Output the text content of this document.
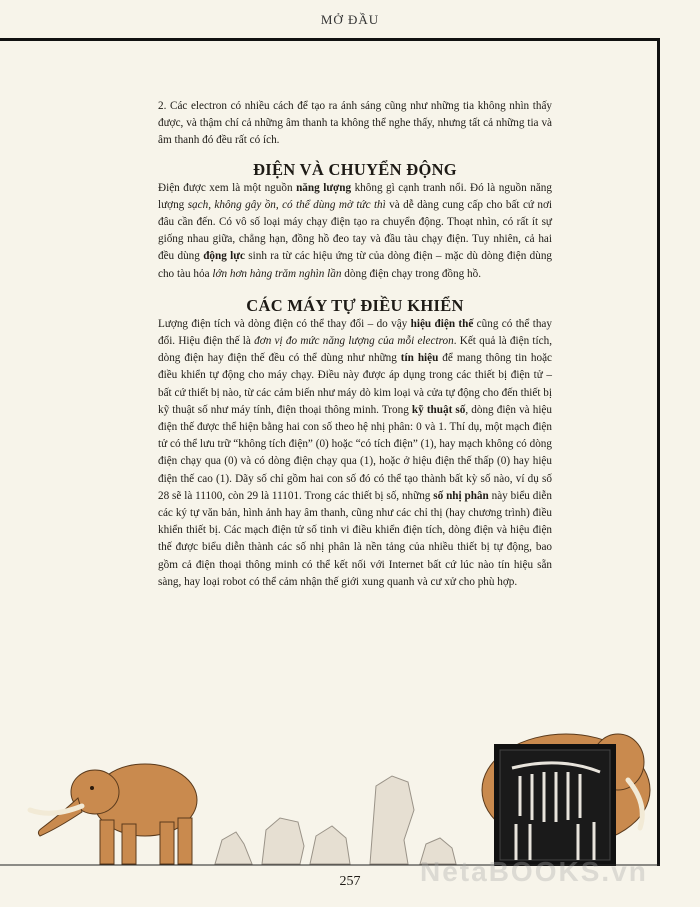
MỞ ĐẦU

2. Các electron có nhiều cách để tạo ra ánh sáng cũng như những tia không nhìn thấy được, và thậm chí cả những âm thanh ta không thể nghe thấy, nhưng tất cả những tia và âm thanh đó đều rất có ích.

ĐIỆN VÀ CHUYỂN ĐỘNG

Điện được xem là một nguồn năng lượng không gì cạnh tranh nổi. Đó là nguồn năng lượng sạch, không gây ồn, có thể dùng mờ tức thì và dễ dàng cung cấp cho bất cứ nơi đâu cần đến. Có vô số loại máy chạy điện tạo ra chuyển động. Thoạt nhìn, có rất ít sự giống nhau giữa, chẳng hạn, đồng hồ đeo tay và đầu tàu chạy điện. Tuy nhiên, cả hai đều dùng động lực sinh ra từ các hiệu ứng từ của dòng điện – mặc dù dòng điện dùng cho tàu hỏa lớn hơn hàng trăm nghìn lần dòng điện chạy trong đồng hồ.

CÁC MÁY TỰ ĐIỀU KHIỂN

Lượng điện tích và dòng điện có thể thay đổi – do vậy hiệu điện thế cũng có thể thay đổi. Hiệu điện thế là đơn vị đo mức năng lượng của mỗi electron. Kết quả là điện tích, dòng điện hay điện thế đều có thể dùng như những tín hiệu để mang thông tin hoặc điều khiển tự động cho máy chạy. Điều này được áp dụng trong các thiết bị điện tử – bất cứ thiết bị nào, từ các cảm biến như máy dò kim loại và cửa tự động cho đến thiết bị kỹ thuật số như máy tính, điện thoại thông minh. Trong kỹ thuật số, dòng điện và hiệu điện thế được thể hiện bằng hai con số theo hệ nhị phân: 0 và 1. Thí dụ, một mạch điện tử có thể lưu trữ “không tích điện” (0) hoặc “có tích điện” (1), hay mạch không có dòng điện chạy qua (0) và có dòng điện chạy qua (1), hoặc ở hiệu điện thế thấp (0) hay hiệu điện thế cao (1). Dãy số chỉ gồm hai con số đó có thể tạo thành bất kỳ số nào, ví dụ số 28 sẽ là 11100, còn 29 là 11101. Trong các thiết bị số, những số nhị phân này biểu diễn các ký tự văn bản, hình ảnh hay âm thanh, cũng như các chỉ thị (hay chương trình) điều khiển thiết bị. Các mạch điện tử số tinh vi điều khiển điện tích, dòng điện và hiệu điện thế được biểu diễn thành các số nhị phân là nền tảng của nhiều thiết bị tự động, bao gồm cả điện thoại thông minh có thể kết nối với Internet bất cứ lúc nào tín hiệu sẵn sàng, hay loại robot có thể cảm nhận thế giới xung quanh và cư xử cho phù hợp.

257	NetaBOOKS.vn
